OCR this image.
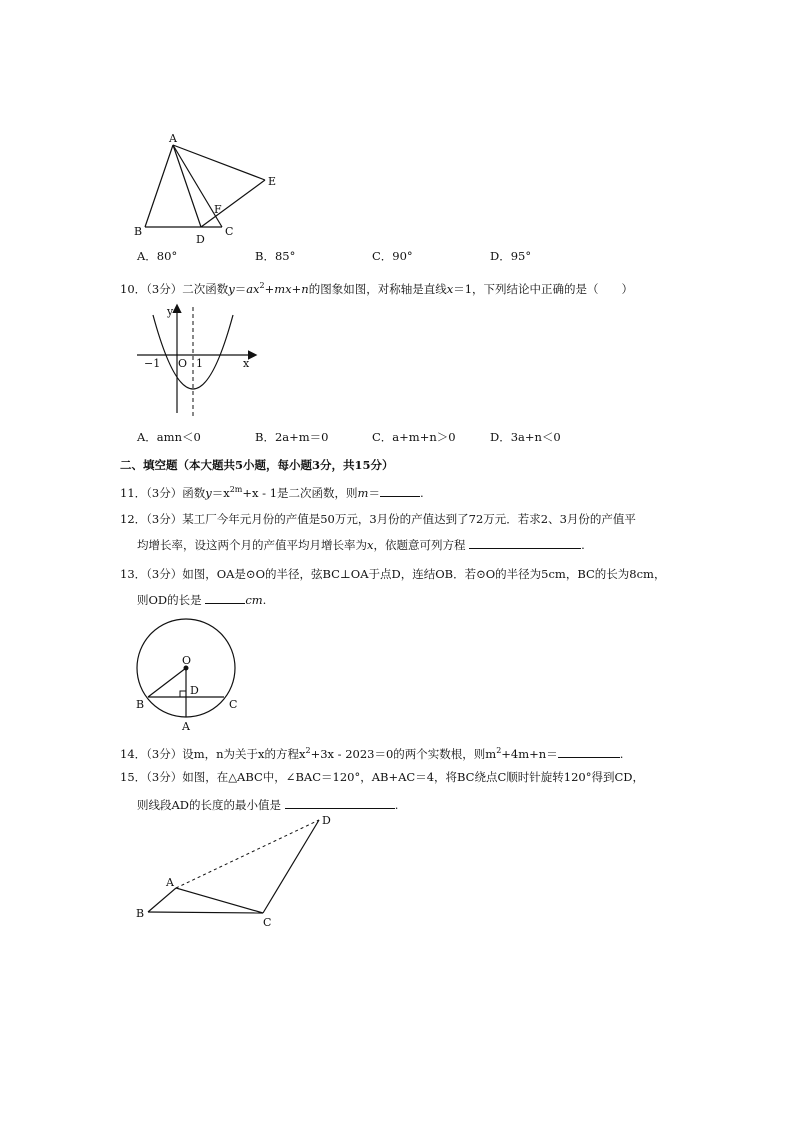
A
B	C
D
E
F
A．80°	B．85°	C．90°	D．95°
10．（3分）二次函数$y=ax^2+mx+n$的图象如图，对称轴是直线x＝1，下列结论中正确的是（　　）
y
x
O
−1	1
A．amn＜0	B．2a+m＝0	C．a+m+n＞0	D．3a+n＜0
二、填空题（本大题共5小题，每小题3分，共15分）
11．（3分）函数$y=x^{2m}+x - 1$是二次函数，则m＝	.
12．（3分）某工厂今年元月份的产值是50万元，3月份的产值达到了72万元．若求2、3月份的产值平
均增长率，设这两个月的产值平均月增长率为x，依题意可列方程	.
13．（3分）如图，OA是⊙O的半径，弦BC⊥OA于点D，连结OB．若⊙O的半径为5cm，BC的长为8cm，
则OD的长是	cm.
O
D
B	C
A
14．（3分）设m，n为关于x的方程$x^2+3x - 2023=0$的两个实数根，则$m^2+4m+n=$	.
15．（3分）如图，在△ABC中，∠BAC＝120°，AB+AC＝4，将BC绕点C顺时针旋转120°得到CD，
则线段AD的长度的最小值是	.
A
B
C
D
